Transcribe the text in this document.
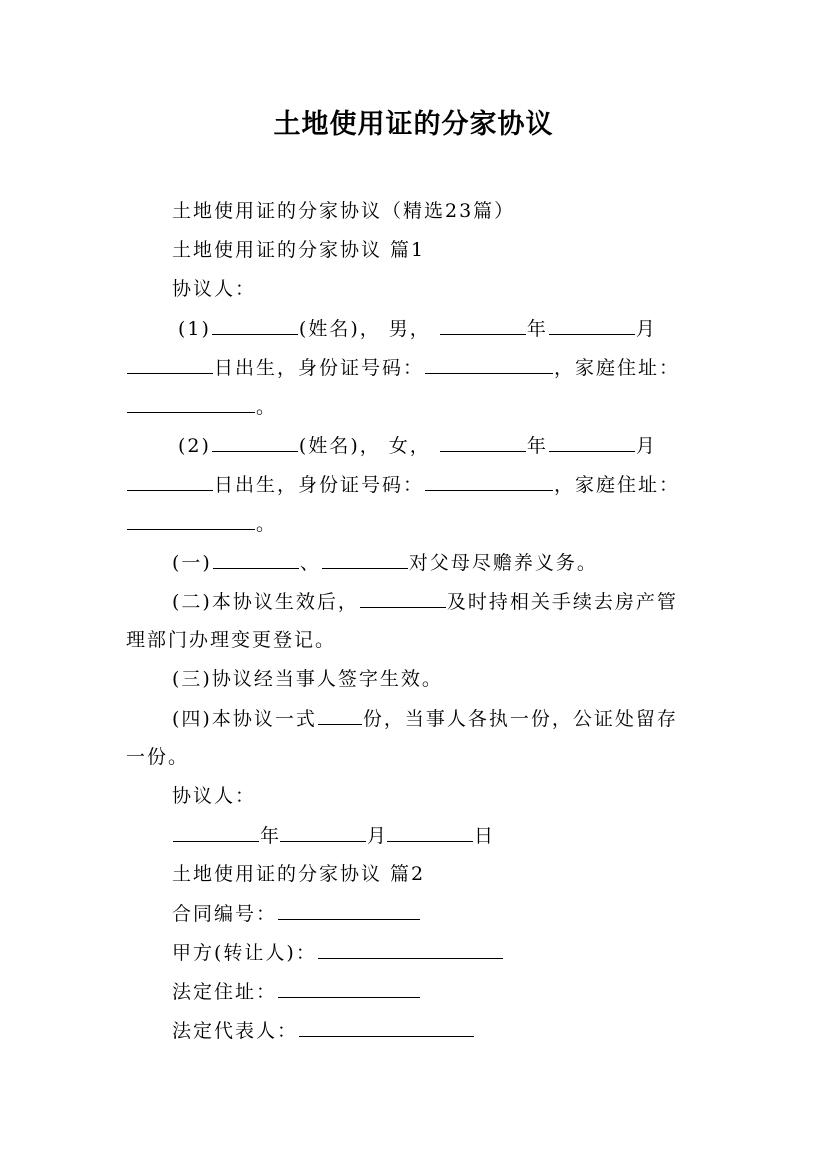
土地使用证的分家协议
土地使用证的分家协议（精选23篇）
土地使用证的分家协议 篇1
协议人：
(1)	(姓名)， 男，	年	月
日出生，身份证号码：	，家庭住址：
。
(2)	(姓名)， 女，	年	月
日出生，身份证号码：	，家庭住址：
。
(一)	、	对父母尽赡养义务。
(二)本协议生效后，	及时持相关手续去房产管
理部门办理变更登记。
(三)协议经当事人签字生效。
(四)本协议一式 份，当事人各执一份，公证处留存
一份。
协议人：
年	月	日
土地使用证的分家协议 篇2
合同编号：
甲方(转让人)：
法定住址：
法定代表人：
